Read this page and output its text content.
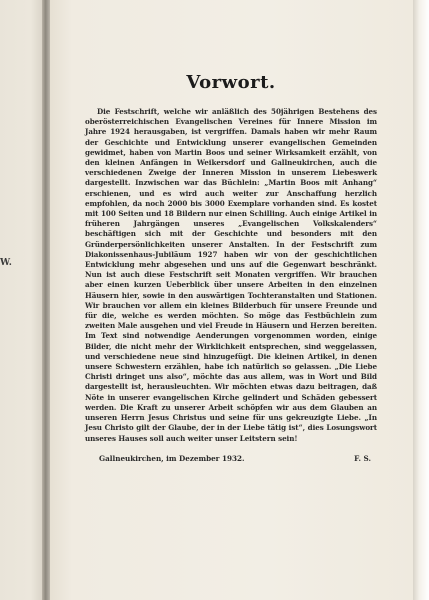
W.
Vorwort.

Die Festschrift, welche wir anläßlich des 50jährigen Bestehens des oberösterreichischen Evangelischen Vereines für Innere Mission im Jahre 1924 herausgaben, ist vergriffen. Damals haben wir mehr Raum der Geschichte und Entwicklung unserer evangelischen Gemeinden gewidmet, haben von Martin Boos und seiner Wirksamkeit erzählt, von den kleinen Anfängen in Weikersdorf und Gallneukirchen, auch die verschiedenen Zweige der Inneren Mission in unserem Liebeswerk dargestellt. Inzwischen war das Büchlein: „Martin Boos mit Anhang“ erschienen, und es wird auch weiter zur Anschaffung herzlich empfohlen, da noch 2000 bis 3000 Exemplare vorhanden sind. Es kostet mit 100 Seiten und 18 Bildern nur einen Schilling. Auch einige Artikel in früheren Jahrgängen unseres „Evangelischen Volkskalenders“ beschäftigen sich mit der Geschichte und besonders mit den Gründerpersönlichkeiten unserer Anstalten. In der Festschrift zum Diakonissenhaus-Jubiläum 1927 haben wir von der geschichtlichen Entwicklung mehr abgesehen und uns auf die Gegenwart beschränkt. Nun ist auch diese Festschrift seit Monaten vergriffen. Wir brauchen aber einen kurzen Ueberblick über unsere Arbeiten in den einzelnen Häusern hier, sowie in den auswärtigen Tochteranstalten und Stationen. Wir brauchen vor allem ein kleines Bilderbuch für unsere Freunde und für die, welche es werden möchten. So möge das Festbüchlein zum zweiten Male ausgehen und viel Freude in Häusern und Herzen bereiten. Im Text sind notwendige Aenderungen vorgenommen worden, einige Bilder, die nicht mehr der Wirklichkeit entsprechen, sind weggelassen, und verschiedene neue sind hinzugefügt. Die kleinen Artikel, in denen unsere Schwestern erzählen, habe ich natürlich so gelassen. „Die Liebe Christi dringet uns also“, möchte das aus allem, was in Wort und Bild dargestellt ist, herausleuchten. Wir möchten etwas dazu beitragen, daß Nöte in unserer evangelischen Kirche gelindert und Schäden gebessert werden. Die Kraft zu unserer Arbeit schöpfen wir aus dem Glauben an unseren Herrn Jesus Christus und seine für uns gekreuzigte Liebe. „In Jesu Christo gilt der Glaube, der in der Liebe tätig ist“, dies Losungswort unseres Hauses soll auch weiter unser Leitstern sein!

Gallneukirchen, im Dezember 1932.	F. S.
